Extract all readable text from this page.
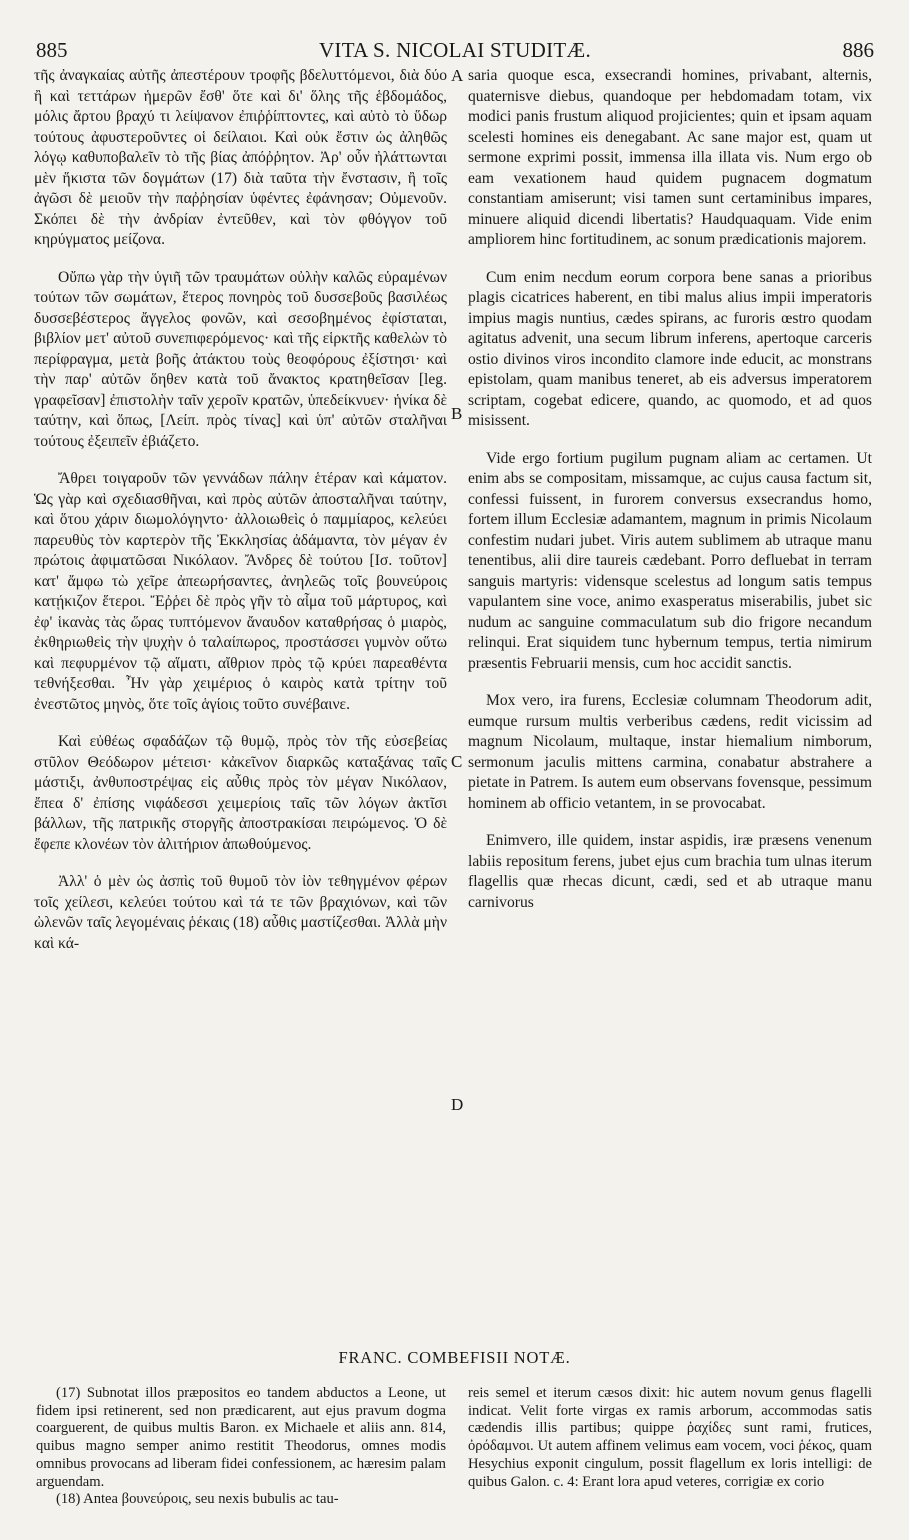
885	VITA S. NICOLAI STUDITÆ.	886
A
B
C
D

τῆς ἀναγκαίας αὐτῆς ἀπεστέρουν τροφῆς βδελυττόμενοι, διὰ δύο ἢ καὶ τεττάρων ἡμερῶν ἔσθ' ὅτε καὶ δι' ὅλης τῆς ἑβδομάδος, μόλις ἄρτου βραχύ τι λείψανον ἐπιῤῥίπτοντες, καὶ αὐτὸ τὸ ὕδωρ τούτους ἀφυστεροῦντες οἱ δείλαιοι. Καὶ οὐκ ἔστιν ὡς ἀληθῶς λόγῳ καθυποβαλεῖν τὸ τῆς βίας ἀπόῤῥητον. Ἀρ' οὖν ἠλάττωνται μὲν ἥκιστα τῶν δογμάτων (17) διὰ ταῦτα τὴν ἔνστασιν, ἢ τοῖς ἀγῶσι δὲ μειοῦν τὴν παῤῥησίαν ὑφέντες ἐφάνησαν; Οὐμενοῦν. Σκόπει δὲ τὴν ἀνδρίαν ἐντεῦθεν, καὶ τὸν φθόγγον τοῦ κηρύγματος μείζονα.

Οὔπω γὰρ τὴν ὑγιῆ τῶν τραυμάτων οὐλὴν καλῶς εὑραμένων τούτων τῶν σωμάτων, ἕτερος πονηρὸς τοῦ δυσσεβοῦς βασιλέως δυσσεβέστερος ἄγγελος φονῶν, καὶ σεσοβημένος ἐφίσταται, βιβλίον μετ' αὐτοῦ συνεπιφερόμενος· καὶ τῆς εἱρκτῆς καθελὼν τὸ περίφραγμα, μετὰ βοῆς ἀτάκτου τοὺς θεοφόρους ἐξίστησι· καὶ τὴν παρ' αὐτῶν ὅηθεν κατὰ τοῦ ἄνακτος κρατηθεῖσαν [leg. γραφεῖσαν] ἐπιστολὴν ταῖν χεροῖν κρατῶν, ὑπεδείκνυεν· ἡνίκα δὲ ταύτην, καὶ ὅπως, [Λείπ. πρὸς τίνας] καὶ ὑπ' αὐτῶν σταλῆναι τούτους ἐξειπεῖν ἐβιάζετο.

Ἄθρει τοιγαροῦν τῶν γεννάδων πάλην ἑτέραν καὶ κάματον. Ὡς γὰρ καὶ σχεδιασθῆναι, καὶ πρὸς αὐτῶν ἀποσταλῆναι ταύτην, καὶ ὅτου χάριν διωμολόγηντο· ἀλλοιωθεὶς ὁ παμμίαρος, κελεύει παρευθὺς τὸν καρτερὸν τῆς Ἐκκλησίας ἀδάμαντα, τὸν μέγαν ἐν πρώτοις ἀφιματῶσαι Νικόλαον. Ἄνδρες δὲ τούτου [Ισ. τοῦτον] κατ' ἄμφω τὼ χεῖρε ἀπεωρήσαντες, ἀνηλεῶς τοῖς βουνεύροις κατῄκιζον ἕτεροι. Ἔῤῥει δὲ πρὸς γῆν τὸ αἷμα τοῦ μάρτυρος, καὶ ἐφ' ἱκανὰς τὰς ὥρας τυπτόμενον ἄναυδον καταθρήσας ὁ μιαρὸς, ἐκθηριωθεὶς τὴν ψυχὴν ὁ ταλαίπωρος, προστάσσει γυμνὸν οὕτω καὶ πεφυρμένον τῷ αἵματι, αἴθριον πρὸς τῷ κρύει παρεαθέντα τεθνήξεσθαι. Ἦν γὰρ χειμέριος ὁ καιρὸς κατὰ τρίτην τοῦ ἐνεστῶτος μηνὸς, ὅτε τοῖς ἁγίοις τοῦτο συνέβαινε.

Καὶ εὐθέως σφαδάζων τῷ θυμῷ, πρὸς τὸν τῆς εὐσεβείας στῦλον Θεόδωρον μέτεισι· κἀκεῖνον διαρκῶς καταξάνας ταῖς μάστιξι, ἀνθυποστρέψας εἰς αὖθις πρὸς τὸν μέγαν Νικόλαον, ἔπεα δ' ἐπίσης νιφάδεσσι χειμερίοις ταῖς τῶν λόγων ἀκτῖσι βάλλων, τῆς πατρικῆς στοργῆς ἀποστρακίσαι πειρώμενος. Ὁ δὲ ἔφεπε κλονέων τὸν ἀλιτήριον ἀπωθούμενος.

Ἀλλ' ὁ μὲν ὡς ἀσπὶς τοῦ θυμοῦ τὸν ἰὸν τεθηγμένον φέρων τοῖς χείλεσι, κελεύει τούτου καὶ τά τε τῶν βραχιόνων, καὶ τῶν ὠλενῶν ταῖς λεγομέναις ῥέκαις (18) αὖθις μαστίζεσθαι. Ἀλλὰ μὴν καὶ κά-

saria quoque esca, exsecrandi homines, privabant, alternis, quaternisve diebus, quandoque per hebdomadam totam, vix modici panis frustum aliquod projicientes; quin et ipsam aquam scelesti homines eis denegabant. Ac sane major est, quam ut sermone exprimi possit, immensa illa illata vis. Num ergo ob eam vexationem haud quidem pugnacem dogmatum constantiam amiserunt; visi tamen sunt certaminibus impares, minuere aliquid dicendi libertatis? Haudquaquam. Vide enim ampliorem hinc fortitudinem, ac sonum prædicationis majorem.

Cum enim necdum eorum corpora bene sanas a prioribus plagis cicatrices haberent, en tibi malus alius impii imperatoris impius magis nuntius, cædes spirans, ac furoris œstro quodam agitatus advenit, una secum librum inferens, apertoque carceris ostio divinos viros incondito clamore inde educit, ac monstrans epistolam, quam manibus teneret, ab eis adversus imperatorem scriptam, cogebat edicere, quando, ac quomodo, et ad quos misissent.

Vide ergo fortium pugilum pugnam aliam ac certamen. Ut enim abs se compositam, missamque, ac cujus causa factum sit, confessi fuissent, in furorem conversus exsecrandus homo, fortem illum Ecclesiæ adamantem, magnum in primis Nicolaum confestim nudari jubet. Viris autem sublimem ab utraque manu tenentibus, alii dire taureis cædebant. Porro defluebat in terram sanguis martyris: vidensque scelestus ad longum satis tempus vapulantem sine voce, animo exasperatus miserabilis, jubet sic nudum ac sanguine commaculatum sub dio frigore necandum relinqui. Erat siquidem tunc hybernum tempus, tertia nimirum præsentis Februarii mensis, cum hoc accidit sanctis.

Mox vero, ira furens, Ecclesiæ columnam Theodorum adit, eumque rursum multis verberibus cædens, redit vicissim ad magnum Nicolaum, multaque, instar hiemalium nimborum, sermonum jaculis mittens carmina, conabatur abstrahere a pietate in Patrem. Is autem eum observans fovensque, pessimum hominem ab officio vetantem, in se provocabat.

Enimvero, ille quidem, instar aspidis, iræ præsens venenum labiis repositum ferens, jubet ejus cum brachia tum ulnas iterum flagellis quæ rhecas dicunt, cædi, sed et ab utraque manu carnivorus

FRANC. COMBEFISII NOTÆ.

(17) Subnotat illos præpositos eo tandem abductos a Leone, ut fidem ipsi retinerent, sed non prædicarent, aut ejus pravum dogma coarguerent, de quibus multis Baron. ex Michaele et aliis ann. 814, quibus magno semper animo restitit Theodorus, omnes modis omnibus provocans ad liberam fidei confessionem, ac hæresim palam arguendam.

(18) Antea βουνεύροις, seu nexis bubulis ac tau-

reis semel et iterum cæsos dixit: hic autem novum genus flagelli indicat. Velit forte virgas ex ramis arborum, accommodas satis cædendis illis partibus; quippe ῥαχίδες sunt rami, frutices, ὀρόδαμνοι. Ut autem affinem velimus eam vocem, voci ῥέκος, quam Hesychius exponit cingulum, possit flagellum ex loris intelligi: de quibus Galon. c. 4: Erant lora apud veteres, corrigiæ ex corio
